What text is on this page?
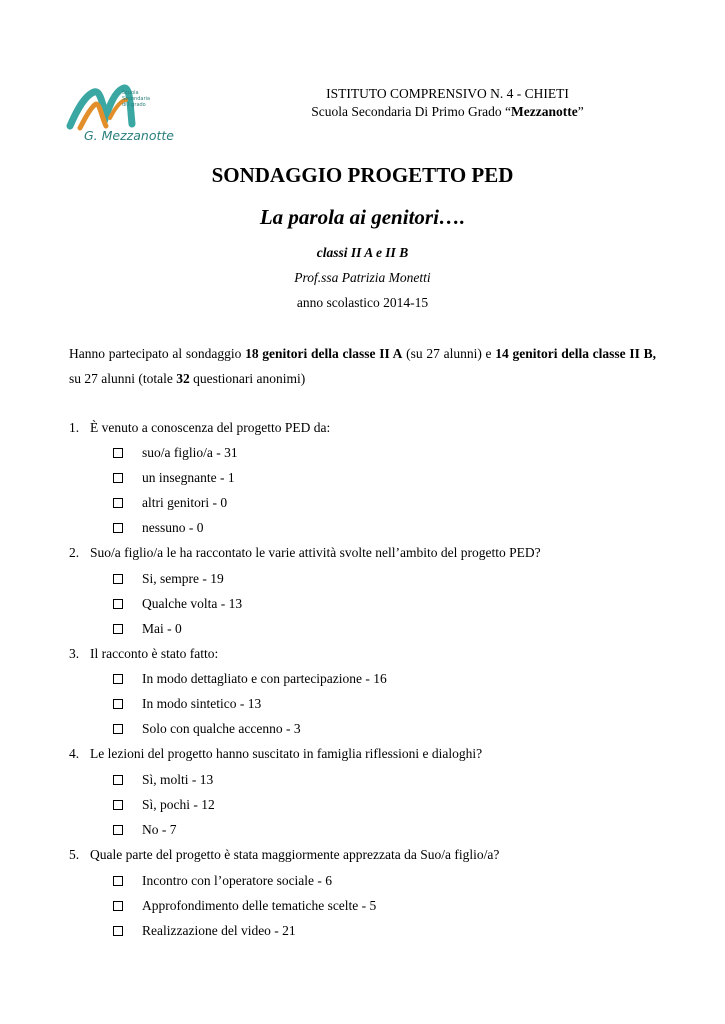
Scuola
Secondaria
di I grado
G. Mezzanotte
ISTITUTO COMPRENSIVO N. 4 - CHIETI
Scuola Secondaria Di Primo Grado “Mezzanotte”
SONDAGGIO PROGETTO PED
La parola ai genitori….
classi II A e II B
Prof.ssa Patrizia Monetti
anno scolastico 2014-15
Hanno partecipato al sondaggio 18 genitori della classe II A (su 27 alunni) e 14 genitori della classe II B, su 27 alunni (totale 32 questionari anonimi)
1. È venuto a conoscenza del progetto PED da:
suo/a figlio/a - 31
un insegnante - 1
altri genitori - 0
nessuno - 0
2. Suo/a figlio/a le ha raccontato le varie attività svolte nell’ambito del progetto PED?
Si, sempre - 19
Qualche volta - 13
Mai - 0
3. Il racconto è stato fatto:
In modo dettagliato e con partecipazione - 16
In modo sintetico - 13
Solo con qualche accenno - 3
4. Le lezioni del progetto hanno suscitato in famiglia riflessioni e dialoghi?
Sì, molti - 13
Sì, pochi - 12
No - 7
5. Quale parte del progetto è stata maggiormente apprezzata da Suo/a figlio/a?
Incontro con l’operatore sociale - 6
Approfondimento delle tematiche scelte - 5
Realizzazione del video - 21
